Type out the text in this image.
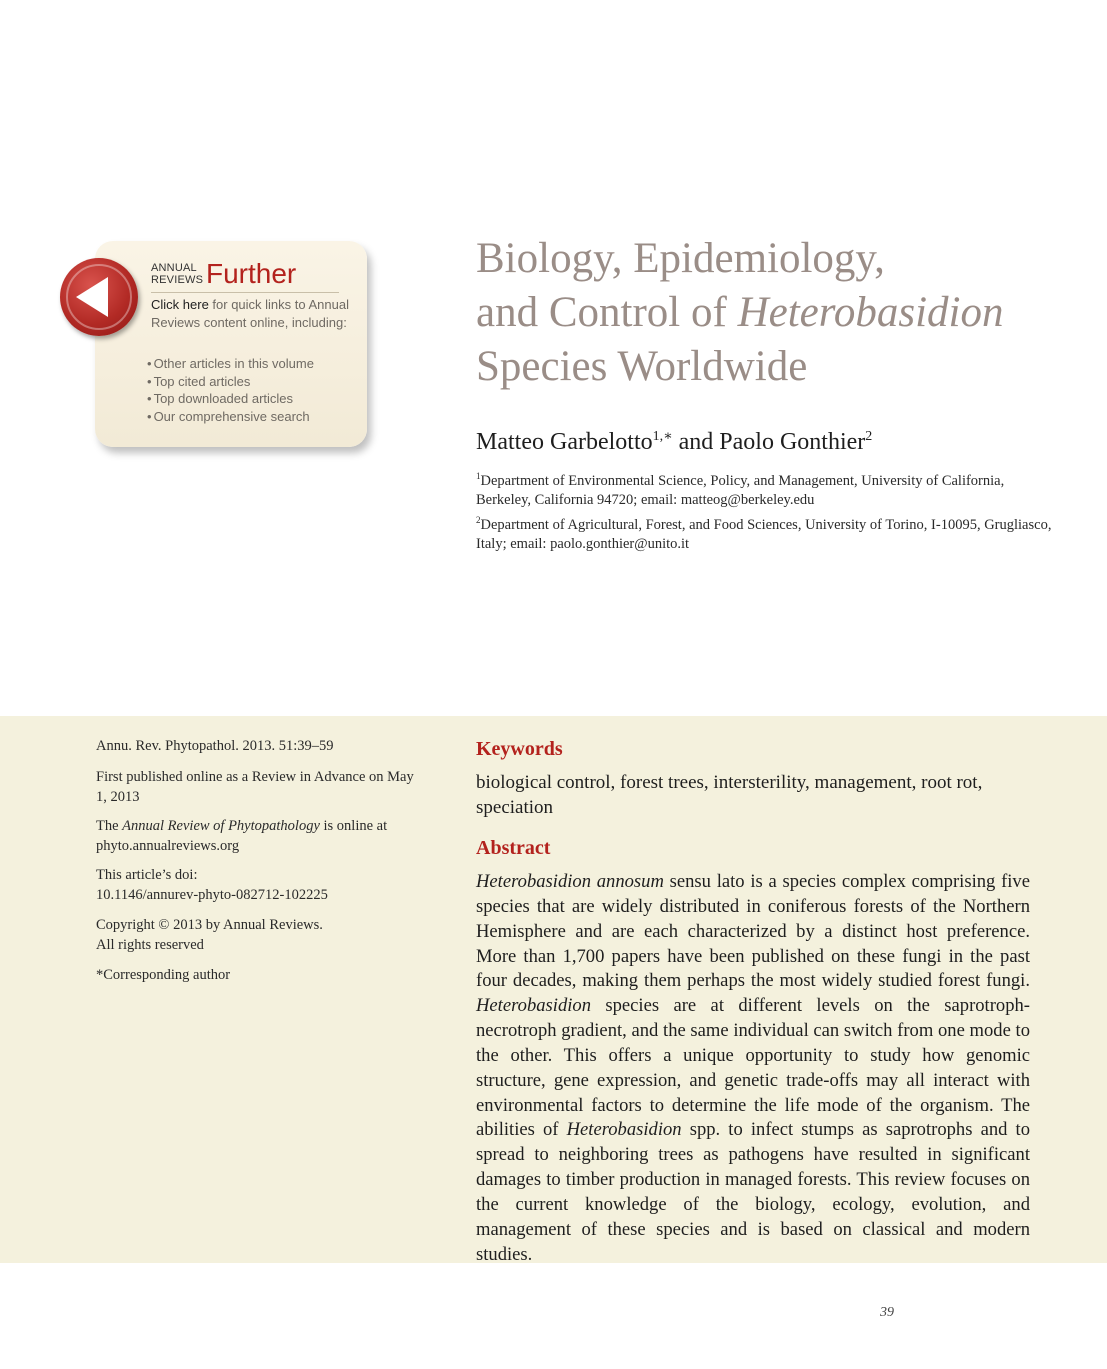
ANNUAL
REVIEWS Further
Click here for quick links to Annual Reviews content online, including:
• Other articles in this volume
• Top cited articles
• Top downloaded articles
• Our comprehensive search
Biology, Epidemiology,
and Control of Heterobasidion
Species Worldwide
Matteo Garbelotto$^{1,∗}$ and Paolo Gonthier$^2$
$^1$Department of Environmental Science, Policy, and Management, University of California, Berkeley, California 94720; email: matteog@berkeley.edu
$^2$Department of Agricultural, Forest, and Food Sciences, University of Torino, I-10095, Grugliasco, Italy; email: paolo.gonthier@unito.it
Annu. Rev. Phytopathol. 2013. 51:39–59
First published online as a Review in Advance on May 1, 2013
The Annual Review of Phytopathology is online at phyto.annualreviews.org
This article’s doi:
10.1146/annurev-phyto-082712-102225
Copyright © 2013 by Annual Reviews.
All rights reserved
*Corresponding author
Keywords
biological control, forest trees, intersterility, management, root rot, speciation
Abstract
Heterobasidion annosum sensu lato is a species complex comprising five species that are widely distributed in coniferous forests of the Northern Hemisphere and are each characterized by a distinct host preference. More than 1,700 papers have been published on these fungi in the past four decades, making them perhaps the most widely studied forest fungi. Heterobasidion species are at different levels on the saprotroph-necrotroph gradient, and the same individual can switch from one mode to the other. This offers a unique opportunity to study how genomic structure, gene expression, and genetic trade-offs may all interact with environmental factors to determine the life mode of the organism. The abilities of Heterobasidion spp. to infect stumps as saprotrophs and to spread to neighboring trees as pathogens have resulted in significant damages to timber production in managed forests. This review focuses on the current knowledge of the biology, ecology, evolution, and management of these species and is based on classical and modern studies.
39
